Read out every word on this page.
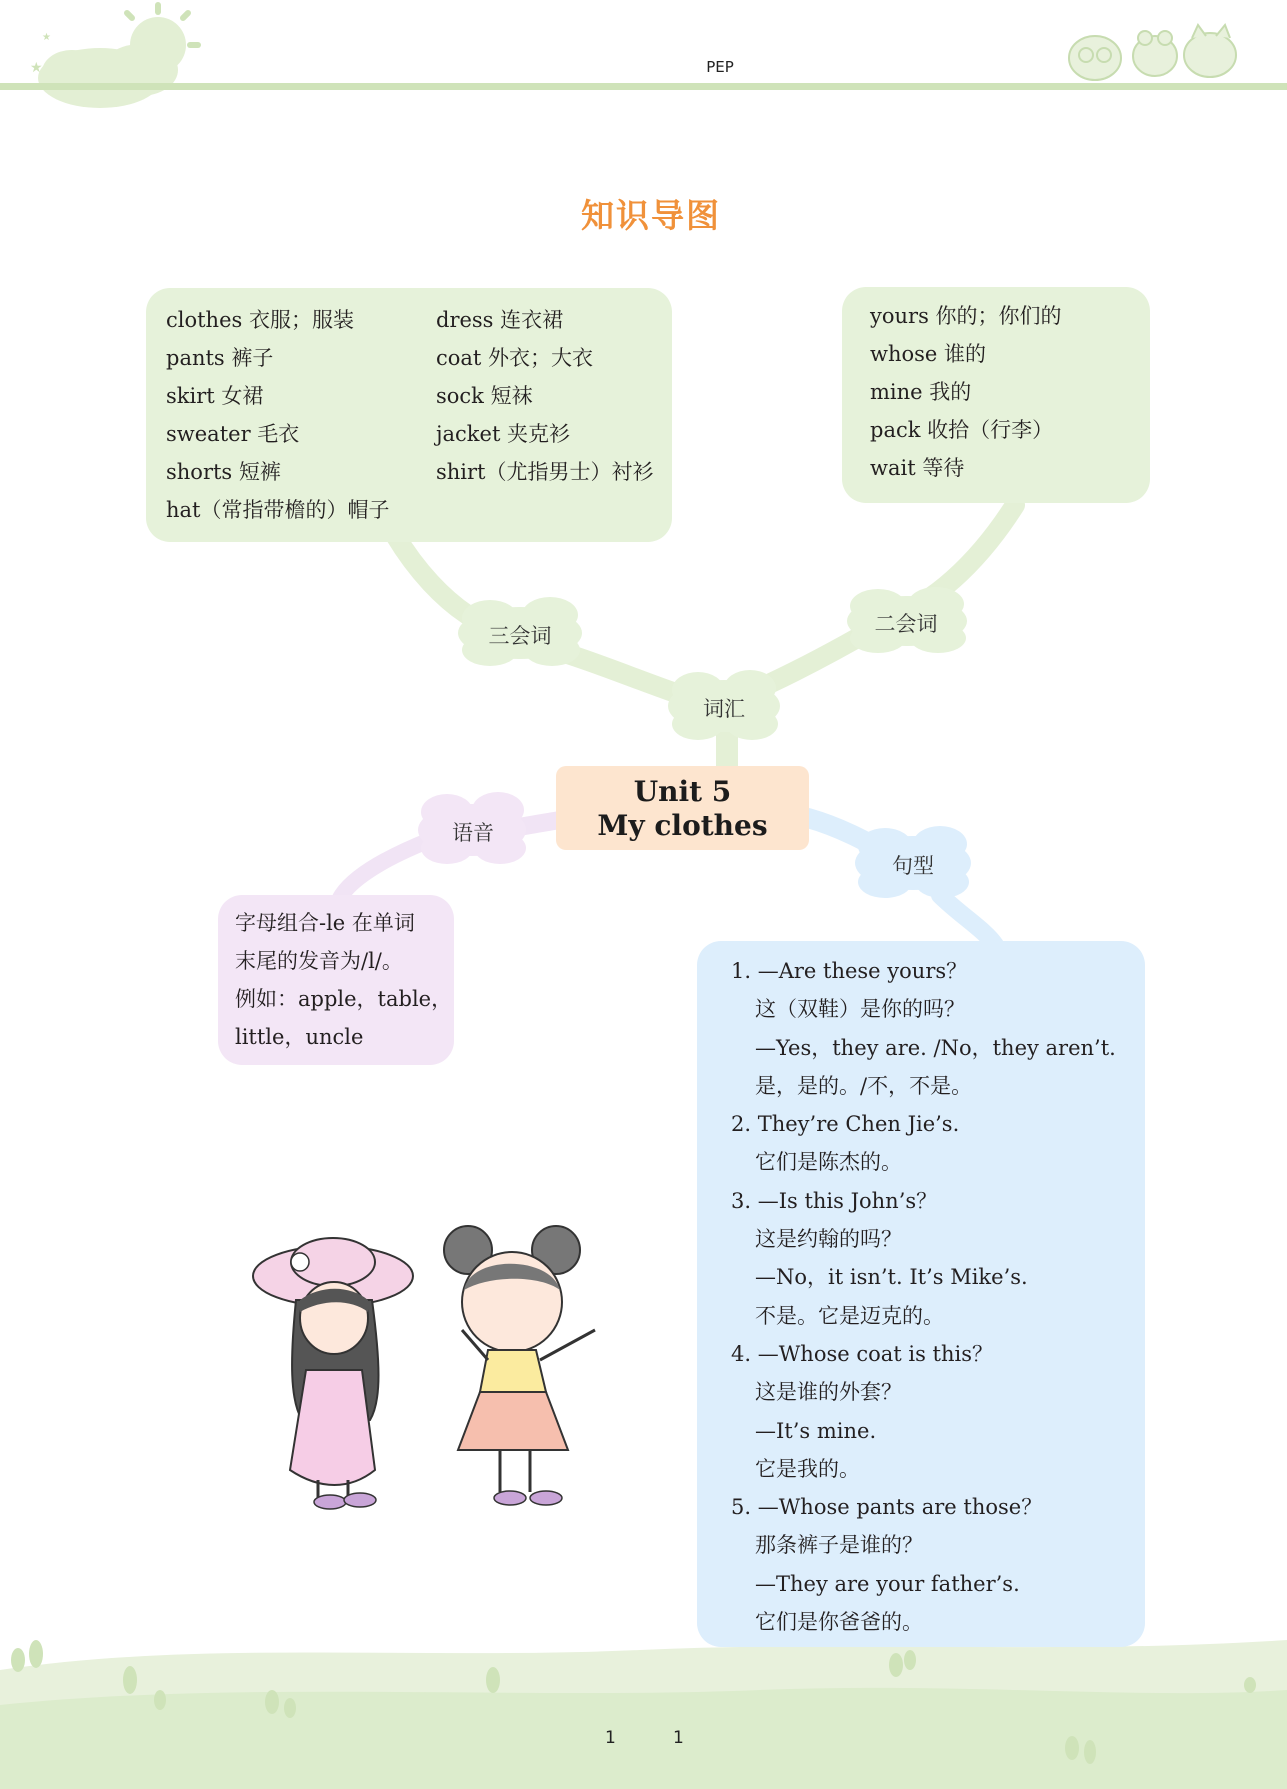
★
★
PEP
知识导图
clothes 衣服；服装
pants 裤子
skirt 女裙
sweater 毛衣
shorts 短裤
hat（常指带檐的）帽子
dress 连衣裙
coat 外衣；大衣
sock 短袜
jacket 夹克衫
shirt（尤指男士）衬衫
yours 你的；你们的
whose 谁的
mine 我的
pack 收拾（行李）
wait 等待
三会词	二会词
词汇
语音
句型
Unit 5
My clothes
字母组合-le 在单词
末尾的发音为/l/。
例如：apple，table，
little，uncle
1. —Are these yours？
这（双鞋）是你的吗？
—Yes，they are. /No，they aren’t.
是，是的。/不，不是。
2. They’re Chen Jie’s.
它们是陈杰的。
3. —Is this John’s？
这是约翰的吗？
—No，it isn’t. It’s Mike’s.
不是。它是迈克的。
4. —Whose coat is this？
这是谁的外套？
—It’s mine.
它是我的。
5. —Whose pants are those？
那条裤子是谁的？
—They are your father’s.
它们是你爸爸的。
1	1
